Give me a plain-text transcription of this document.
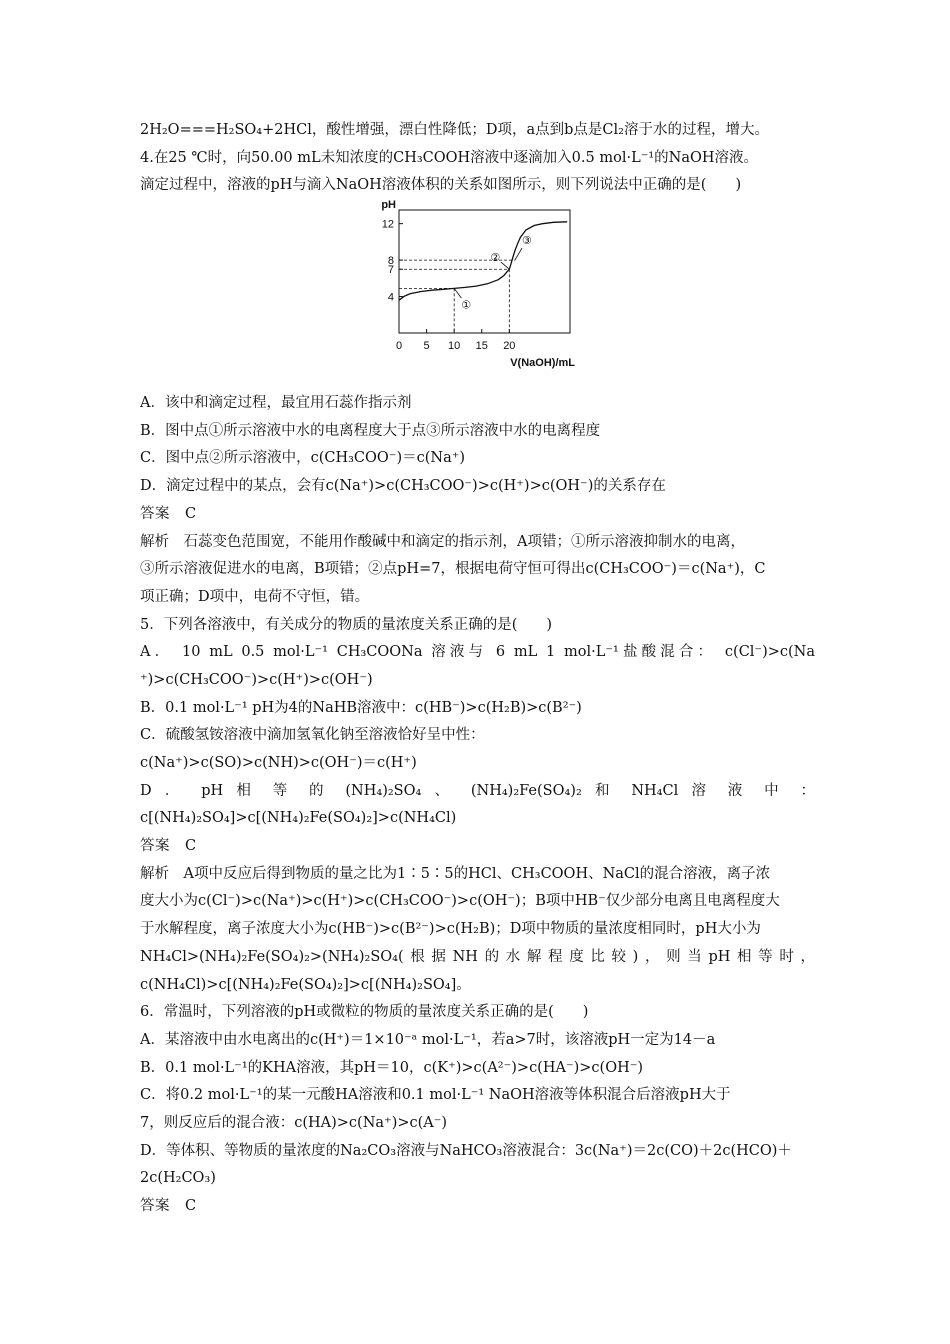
2H₂O===H₂SO₄+2HCl，酸性增强，漂白性降低；D项，a点到b点是Cl₂溶于水的过程，增大。
4.在25 ℃时，向50.00 mL未知浓度的CH₃COOH溶液中逐滴加入0.5 mol·L⁻¹的NaOH溶液。
滴定过程中，溶液的pH与滴入NaOH溶液体积的关系如图所示，则下列说法中正确的是(　　)
4
7
8
12
0 5 10 15 20
pH
V(NaOH)/mL
①
②
③
A．该中和滴定过程，最宜用石蕊作指示剂
B．图中点①所示溶液中水的电离程度大于点③所示溶液中水的电离程度
C．图中点②所示溶液中，c(CH₃COO⁻)＝c(Na⁺)
D．滴定过程中的某点，会有c(Na⁺)>c(CH₃COO⁻)>c(H⁺)>c(OH⁻)的关系存在
答案　C
解析　石蕊变色范围宽，不能用作酸碱中和滴定的指示剂，A项错；①所示溶液抑制水的电离，
③所示溶液促进水的电离，B项错；②点pH=7，根据电荷守恒可得出c(CH₃COO⁻)＝c(Na⁺)，C
项正确；D项中，电荷不守恒，错。
5．下列各溶液中，有关成分的物质的量浓度关系正确的是(　　)
A． 10 mL 0.5 mol·L⁻¹ CH₃COONa 溶液与 6 mL 1 mol·L⁻¹盐酸混合： c(Cl⁻)>c(Na
⁺)>c(CH₃COO⁻)>c(H⁺)>c(OH⁻)
B．0.1 mol·L⁻¹ pH为4的NaHB溶液中：c(HB⁻)>c(H₂B)>c(B²⁻)
C．硫酸氢铵溶液中滴加氢氧化钠至溶液恰好呈中性：
c(Na⁺)>c(SO)>c(NH)>c(OH⁻)＝c(H⁺)
D ． pH 相 等 的 (NH₄)₂SO₄ 、 (NH₄)₂Fe(SO₄)₂ 和 NH₄Cl 溶 液 中 ：
c[(NH₄)₂SO₄]>c[(NH₄)₂Fe(SO₄)₂]>c(NH₄Cl)
答案　C
解析　A项中反应后得到物质的量之比为1∶5∶5的HCl、CH₃COOH、NaCl的混合溶液，离子浓
度大小为c(Cl⁻)>c(Na⁺)>c(H⁺)>c(CH₃COO⁻)>c(OH⁻)；B项中HB⁻仅少部分电离且电离程度大
于水解程度，离子浓度大小为c(HB⁻)>c(B²⁻)>c(H₂B)；D项中物质的量浓度相同时，pH大小为
NH₄Cl>(NH₄)₂Fe(SO₄)₂>(NH₄)₂SO₄(根据NH的水解程度比较)，则当pH相等时，
c(NH₄Cl)>c[(NH₄)₂Fe(SO₄)₂]>c[(NH₄)₂SO₄]。
6．常温时，下列溶液的pH或微粒的物质的量浓度关系正确的是(　　)
A．某溶液中由水电离出的c(H⁺)＝1×10⁻ᵃ mol·L⁻¹，若a>7时，该溶液pH一定为14－a
B．0.1 mol·L⁻¹的KHA溶液，其pH＝10，c(K⁺)>c(A²⁻)>c(HA⁻)>c(OH⁻)
C．将0.2 mol·L⁻¹的某一元酸HA溶液和0.1 mol·L⁻¹ NaOH溶液等体积混合后溶液pH大于
7，则反应后的混合液：c(HA)>c(Na⁺)>c(A⁻)
D．等体积、等物质的量浓度的Na₂CO₃溶液与NaHCO₃溶液混合：3c(Na⁺)＝2c(CO)＋2c(HCO)＋
2c(H₂CO₃)
答案　C
